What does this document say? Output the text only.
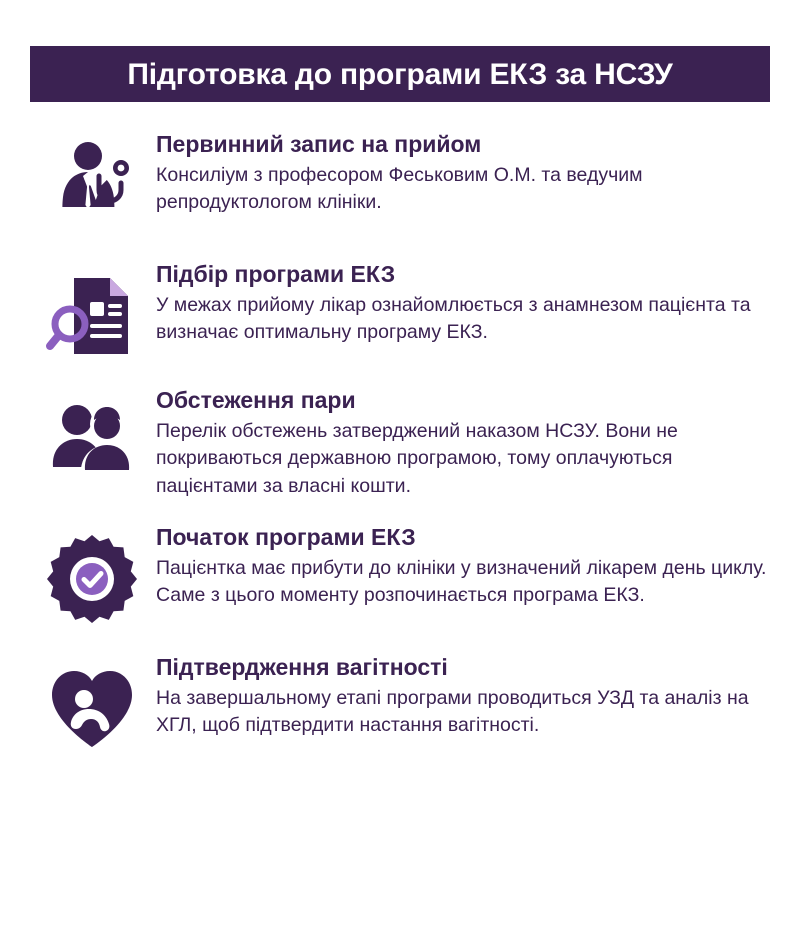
Підготовка до програми ЕКЗ за НСЗУ
Первинний запис на прийом
Консиліум з професором Феськовим О.М. та ведучим репродуктологом клініки.
Підбір програми ЕКЗ
У межах прийому лікар ознайомлюється з анамнезом пацієнта та визначає оптимальну програму ЕКЗ.
Обстеження пари
Перелік обстежень затверджений наказом НСЗУ. Вони не покриваються державною програмою, тому оплачуються пацієнтами за власні кошти.
Початок програми ЕКЗ
Пацієнтка має прибути до клініки у визначений лікарем день циклу. Саме з цього моменту розпочинається програма ЕКЗ.
Підтвердження вагітності
На завершальному етапі програми проводиться УЗД та аналіз на ХГЛ, щоб підтвердити настання вагітності.
